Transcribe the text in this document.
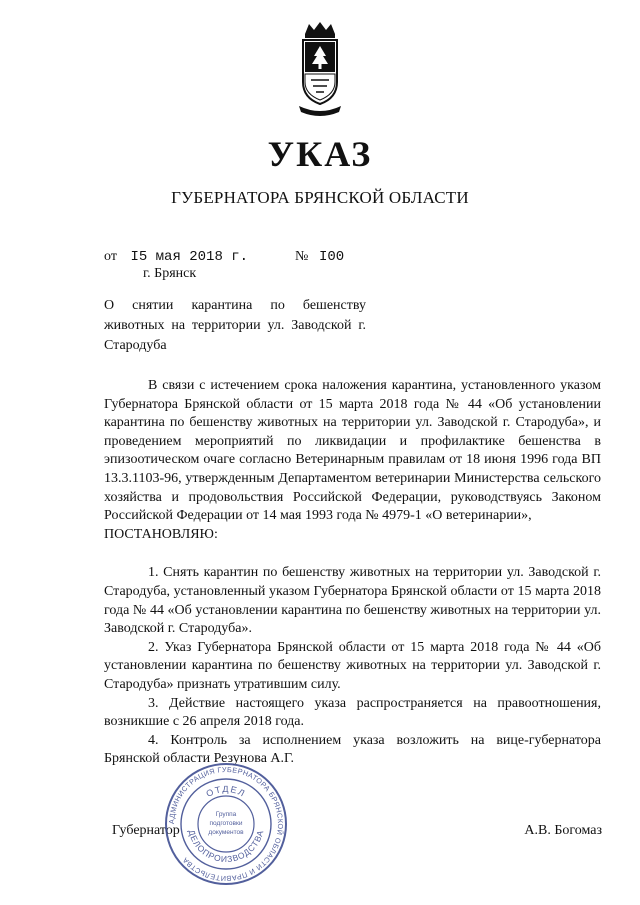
УКАЗ
ГУБЕРНАТОРА БРЯНСКОЙ ОБЛАСТИ
от I5 мая 2018 г.	№ I00
г. Брянск

О снятии карантина по бешенству животных на территории ул. Заводской г. Стародуба

В связи с истечением срока наложения карантина, установленного указом Губернатора Брянской области от 15 марта 2018 года № 44 «Об установлении карантина по бешенству животных на территории ул. Заводской г. Стародуба», и проведением мероприятий по ликвидации и профилактике бешенства в эпизоотическом очаге согласно Ветеринарным правилам от 18 июня 1996 года ВП 13.3.1103-96, утвержденным Департаментом ветеринарии Министерства сельского хозяйства и продовольствия Российской Федерации, руководствуясь Законом Российской Федерации от 14 мая 1993 года № 4979-1 «О ветеринарии»,

ПОСТАНОВЛЯЮ:

1. Снять карантин по бешенству животных на территории ул. Заводской г. Стародуба, установленный указом Губернатора Брянской области от 15 марта 2018 года № 44 «Об установлении карантина по бешенству животных на территории ул. Заводской г. Стародуба».

2. Указ Губернатора Брянской области от 15 марта 2018 года № 44 «Об установлении карантина по бешенству животных на территории ул. Заводской г. Стародуба» признать утратившим силу.

3. Действие настоящего указа распространяется на правоотношения, возникшие с 26 апреля 2018 года.

4. Контроль за исполнением указа возложить на вице-губернатора Брянской области Резунова А.Г.

Губернатор	А.В. Богомаз
АДМИНИСТРАЦИЯ ГУБЕРНАТОРА БРЯНСКОЙ ОБЛАСТИ И ПРАВИТЕЛЬСТВА
ОТДЕЛ
ДЕЛОПРОИЗВОДСТВА
Группа
подготовки
документов
